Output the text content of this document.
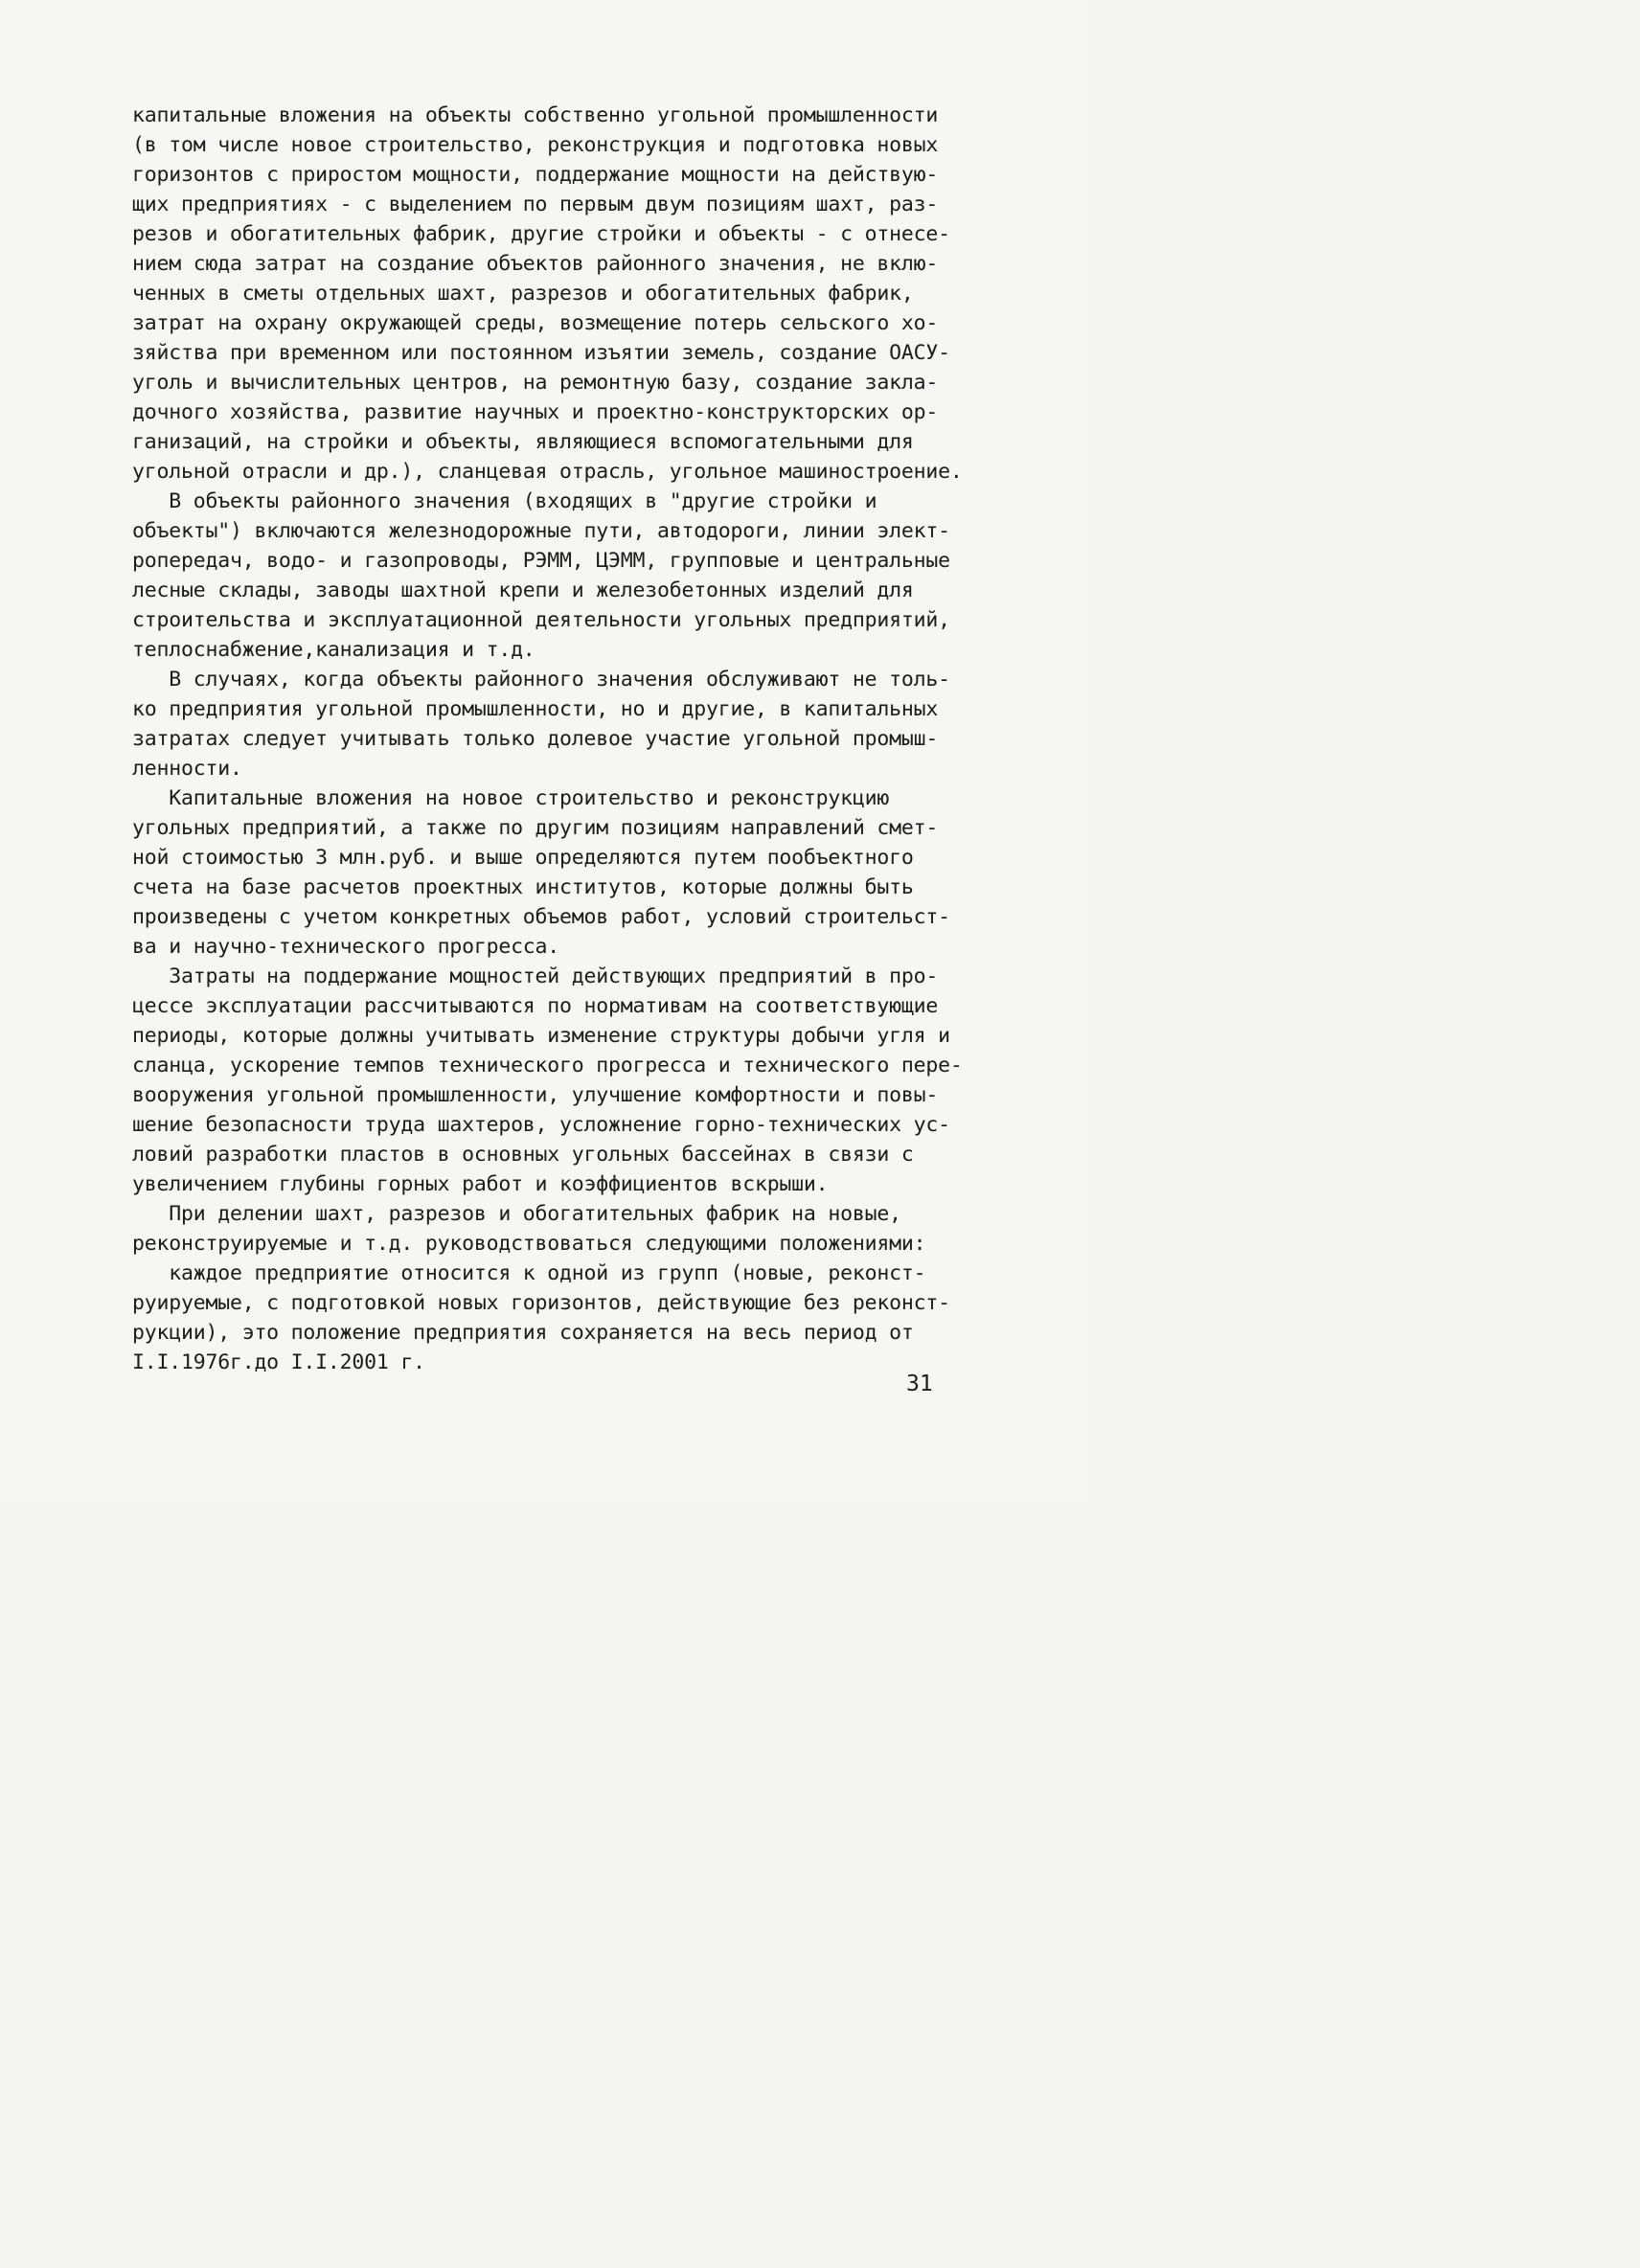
капитальные вложения на объекты собственно угольной промышленности
(в том числе новое строительство, реконструкция и подготовка новых
горизонтов с приростом мощности, поддержание мощности на действую-
щих предприятиях - с выделением по первым двум позициям шахт, раз-
резов и обогатительных фабрик, другие стройки и объекты - с отнесе-
нием сюда затрат на создание объектов районного значения, не вклю-
ченных в сметы отдельных шахт, разрезов и обогатительных фабрик,
затрат на охрану окружающей среды, возмещение потерь сельского хо-
зяйства при временном или постоянном изъятии земель, создание ОАСУ-
уголь и вычислительных центров, на ремонтную базу, создание закла-
дочного хозяйства, развитие научных и проектно-конструкторских ор-
ганизаций, на стройки и объекты, являющиеся вспомогательными для
угольной отрасли и др.), сланцевая отрасль, угольное машиностроение.
В объекты районного значения (входящих в "другие стройки и
объекты") включаются железнодорожные пути, автодороги, линии элект-
ропередач, водо- и газопроводы, РЭММ, ЦЭММ, групповые и центральные
лесные склады, заводы шахтной крепи и железобетонных изделий для
строительства и эксплуатационной деятельности угольных предприятий,
теплоснабжение,канализация и т.д.
В случаях, когда объекты районного значения обслуживают не толь-
ко предприятия угольной промышленности, но и другие, в капитальных
затратах следует учитывать только долевое участие угольной промыш-
ленности.
Капитальные вложения на новое строительство и реконструкцию
угольных предприятий, а также по другим позициям направлений смет-
ной стоимостью 3 млн.руб. и выше определяются путем пообъектного
счета на базе расчетов проектных институтов, которые должны быть
произведены с учетом конкретных объемов работ, условий строительст-
ва и научно-технического прогресса.
Затраты на поддержание мощностей действующих предприятий в про-
цессе эксплуатации рассчитываются по нормативам на соответствующие
периоды, которые должны учитывать изменение структуры добычи угля и
сланца, ускорение темпов технического прогресса и технического пере-
вооружения угольной промышленности, улучшение комфортности и повы-
шение безопасности труда шахтеров, усложнение горно-технических ус-
ловий разработки пластов в основных угольных бассейнах в связи с
увеличением глубины горных работ и коэффициентов вскрыши.
При делении шахт, разрезов и обогатительных фабрик на новые,
реконструируемые и т.д. руководствоваться следующими положениями:
каждое предприятие относится к одной из групп (новые, реконст-
руируемые, с подготовкой новых горизонтов, действующие без реконст-
рукции), это положение предприятия сохраняется на весь период от
I.I.1976г.до I.I.2001 г.
31
